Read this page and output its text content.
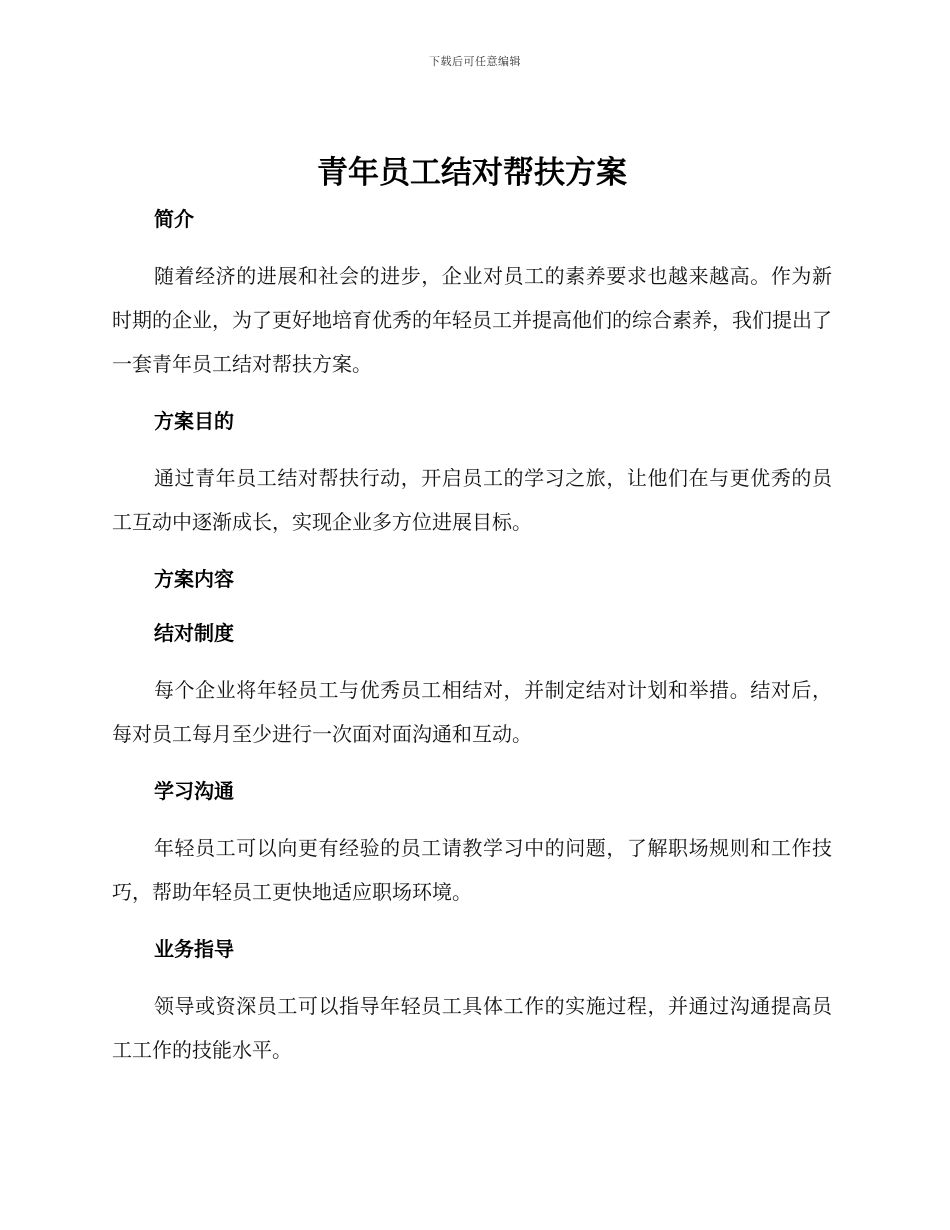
下载后可任意编辑
青年员工结对帮扶方案
简介

随着经济的进展和社会的进步，企业对员工的素养要求也越来越高。作为新时期的企业，为了更好地培育优秀的年轻员工并提高他们的综合素养，我们提出了一套青年员工结对帮扶方案。

方案目的

通过青年员工结对帮扶行动，开启员工的学习之旅，让他们在与更优秀的员工互动中逐渐成长，实现企业多方位进展目标。

方案内容
结对制度

每个企业将年轻员工与优秀员工相结对，并制定结对计划和举措。结对后，每对员工每月至少进行一次面对面沟通和互动。

学习沟通

年轻员工可以向更有经验的员工请教学习中的问题，了解职场规则和工作技巧，帮助年轻员工更快地适应职场环境。

业务指导

领导或资深员工可以指导年轻员工具体工作的实施过程，并通过沟通提高员工工作的技能水平。
